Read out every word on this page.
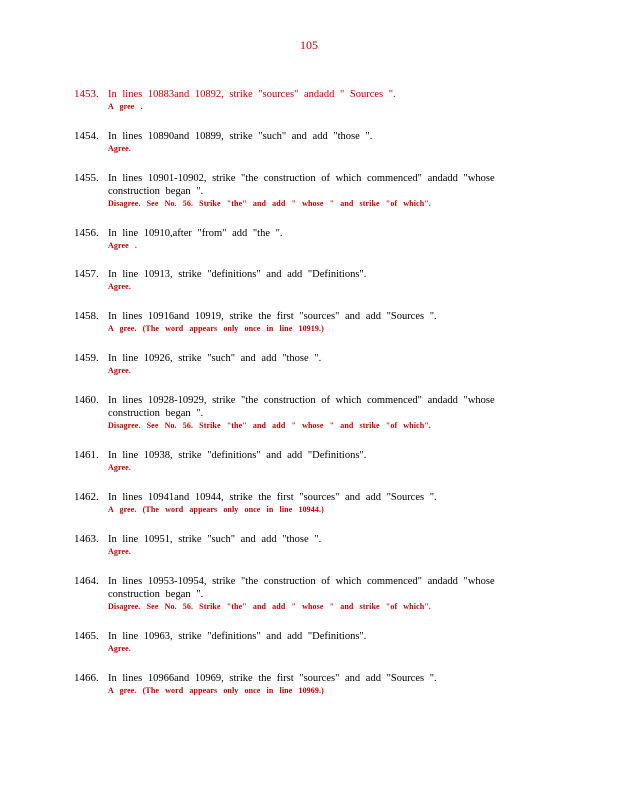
105
1453. In lines 10883and 10892, strike "sources" andadd " Sources ".
A gree .
1454. In lines 10890and 10899, strike "such" and add "those ".
Agree.
1455. In lines 10901-10902, strike "the construction of which commenced" andadd "whose
construction began ".
Disagree. See No. 56. Strike "the" and add " whose " and strike "of which".
1456. In line 10910,after "from" add "the ".
Agree .
1457. In line 10913, strike "definitions" and add "Definitions".
Agree.
1458. In lines 10916and 10919, strike the first "sources" and add "Sources ".
A gree. (The word appears only once in line 10919.)
1459. In line 10926, strike "such" and add "those ".
Agree.
1460. In lines 10928-10929, strike "the construction of which commenced" andadd "whose
construction began ".
Disagree. See No. 56. Strike "the" and add " whose " and strike "of which".
1461. In line 10938, strike "definitions" and add "Definitions".
Agree.
1462. In lines 10941and 10944, strike the first "sources" and add "Sources ".
A gree. (The word appears only once in line 10944.)
1463. In line 10951, strike "such" and add "those ".
Agree.
1464. In lines 10953-10954, strike "the construction of which commenced" andadd "whose
construction began ".
Disagree. See No. 56. Strike "the" and add " whose " and strike "of which".
1465. In line 10963, strike "definitions" and add "Definitions".
Agree.
1466. In lines 10966and 10969, strike the first "sources" and add "Sources ".
A gree. (The word appears only once in line 10969.)
